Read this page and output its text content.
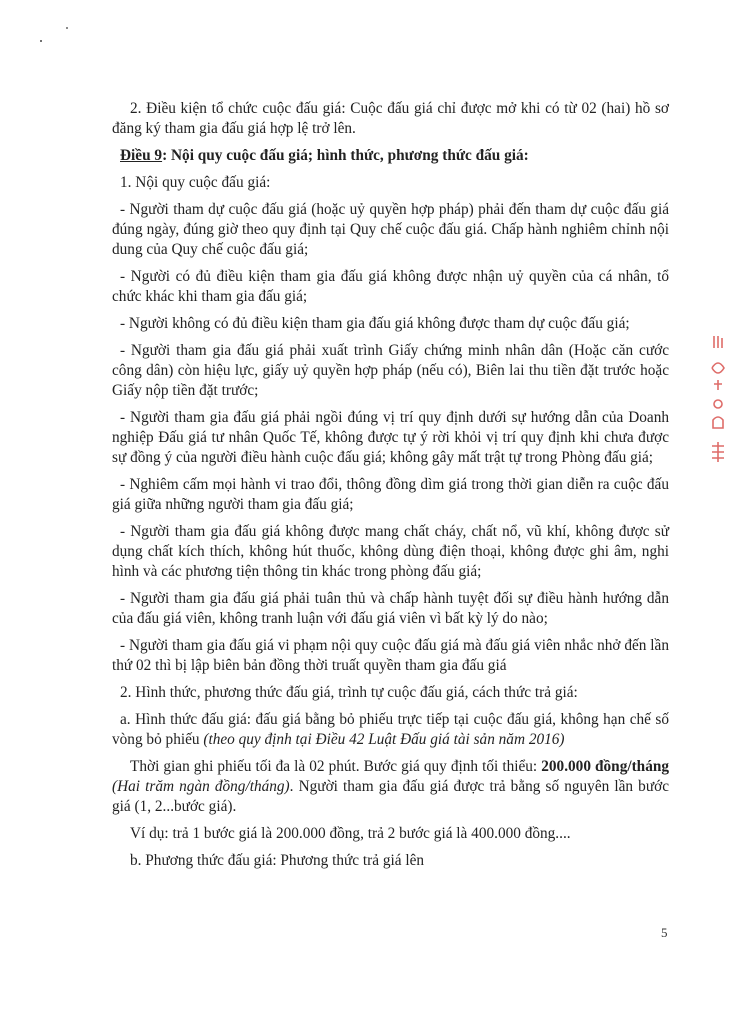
2. Điều kiện tổ chức cuộc đấu giá: Cuộc đấu giá chỉ được mở khi có từ 02 (hai) hồ sơ đăng ký tham gia đấu giá hợp lệ trở lên.

Điều 9: Nội quy cuộc đấu giá; hình thức, phương thức đấu giá:

1. Nội quy cuộc đấu giá:

- Người tham dự cuộc đấu giá (hoặc uỷ quyền hợp pháp) phải đến tham dự cuộc đấu giá đúng ngày, đúng giờ theo quy định tại Quy chế cuộc đấu giá. Chấp hành nghiêm chỉnh nội dung của Quy chế cuộc đấu giá;

- Người có đủ điều kiện tham gia đấu giá không được nhận uỷ quyền của cá nhân, tổ chức khác khi tham gia đấu giá;

- Người không có đủ điều kiện tham gia đấu giá không được tham dự cuộc đấu giá;

- Người tham gia đấu giá phải xuất trình Giấy chứng minh nhân dân (Hoặc căn cước công dân) còn hiệu lực, giấy uỷ quyền hợp pháp (nếu có), Biên lai thu tiền đặt trước hoặc Giấy nộp tiền đặt trước;

- Người tham gia đấu giá phải ngồi đúng vị trí quy định dưới sự hướng dẫn của Doanh nghiệp Đấu giá tư nhân Quốc Tế, không được tự ý rời khỏi vị trí quy định khi chưa được sự đồng ý của người điều hành cuộc đấu giá; không gây mất trật tự trong Phòng đấu giá;

- Nghiêm cấm mọi hành vi trao đổi, thông đồng dìm giá trong thời gian diễn ra cuộc đấu giá giữa những người tham gia đấu giá;

- Người tham gia đấu giá không được mang chất cháy, chất nổ, vũ khí, không được sử dụng chất kích thích, không hút thuốc, không dùng điện thoại, không được ghi âm, nghi hình và các phương tiện thông tin khác trong phòng đấu giá;

- Người tham gia đấu giá phải tuân thủ và chấp hành tuyệt đối sự điều hành hướng dẫn của đấu giá viên, không tranh luận với đấu giá viên vì bất kỳ lý do nào;

- Người tham gia đấu giá vi phạm nội quy cuộc đấu giá mà đấu giá viên nhắc nhở đến lần thứ 02 thì bị lập biên bản đồng thời truất quyền tham gia đấu giá

2. Hình thức, phương thức đấu giá, trình tự cuộc đấu giá, cách thức trả giá:

a. Hình thức đấu giá: đấu giá bằng bỏ phiếu trực tiếp tại cuộc đấu giá, không hạn chế số vòng bỏ phiếu (theo quy định tại Điều 42 Luật Đấu giá tài sản năm 2016)

Thời gian ghi phiếu tối đa là 02 phút. Bước giá quy định tối thiểu: 200.000 đồng/tháng (Hai trăm ngàn đồng/tháng). Người tham gia đấu giá được trả bằng số nguyên lần bước giá (1, 2...bước giá).

Ví dụ: trả 1 bước giá là 200.000 đồng, trả 2 bước giá là 400.000 đồng....

b. Phương thức đấu giá: Phương thức trả giá lên

5
